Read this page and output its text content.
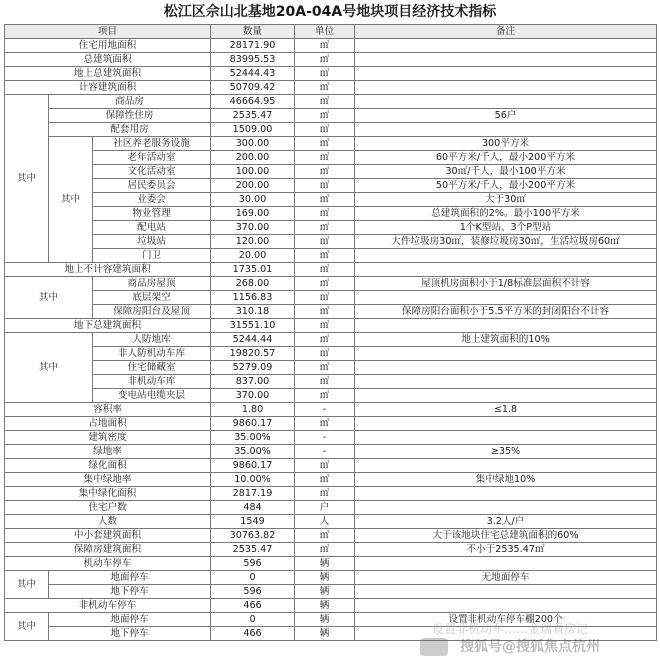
松江区佘山北基地20A-04A号地块项目经济技术指标
项目			数量	单位	备注
住宅用地面积			28171.90	㎡	
总建筑面积			83995.53	㎡	
地上总建筑面积			52444.43	㎡	
计容建筑面积			50709.42	㎡	
其中	商品房		46664.95	㎡	
	保障性住房		2535.47	㎡	56户
	配套用房		1509.00	㎡	
	其中	社区养老服务设施	300.00	㎡	300平方米
		老年活动室	200.00	㎡	60平方米/千人，最小200平方米
		文化活动室	100.00	㎡	30㎡/千人，最小100平方米
		居民委员会	200.00	㎡	50平方米/千人，最小200平方米
		业委会	30.00	㎡	大于30㎡
		物业管理	169.00	㎡	总建筑面积的2%。最小100平方米
		配电站	370.00	㎡	1个K型站、3个P型站
		垃圾站	120.00	㎡	大件垃圾房30㎡，装修垃圾房30㎡，生活垃圾房60㎡
		门卫	20.00	㎡	
地上不计容建筑面积			1735.01	㎡	
其中		商品房屋顶	268.00	㎡	屋顶机房面积小于1/8标准层面积不计容
		底层架空	1156.83	㎡	
		保障房阳台及屋顶	310.18	㎡	保障房阳台面积小于5.5平方米的封闭阳台不计容
地下总建筑面积			31551.10	㎡	
其中		人防地库	5244.44	㎡	地上建筑面积的10%
		非人防机动车库	19820.57	㎡	
		住宅储藏室	5279.09	㎡	
		非机动车库	837.00	㎡	
		变电站电缆夹层	370.00	㎡	
容积率			1.80	-	≤1.8
占地面积			9860.17	㎡	
建筑密度			35.00%	-	
绿地率			35.00%	-	≥35%
绿化面积			9860.17	㎡	
集中绿地率			10.00%	㎡	集中绿地10%
集中绿化面积			2817.19	㎡	
住宅户数			484	户	
人数			1549	人	3.2人/户
中小套建筑面积			30763.82	㎡	大于该地块住宅总建筑面积的60%
保障房建筑面积			2535.47	㎡	不小于2535.47㎡
机动车停车			596	辆	
其中	地面停车		0	辆	无地面停车
	地下停车		596	辆	
非机动车停车			466	辆	
其中	地面停车		0	辆	设置非机动车停车棚200个
	地下停车		466	辆		设置非机动车……金瑞看房记
搜狐号@搜狐焦点杭州
